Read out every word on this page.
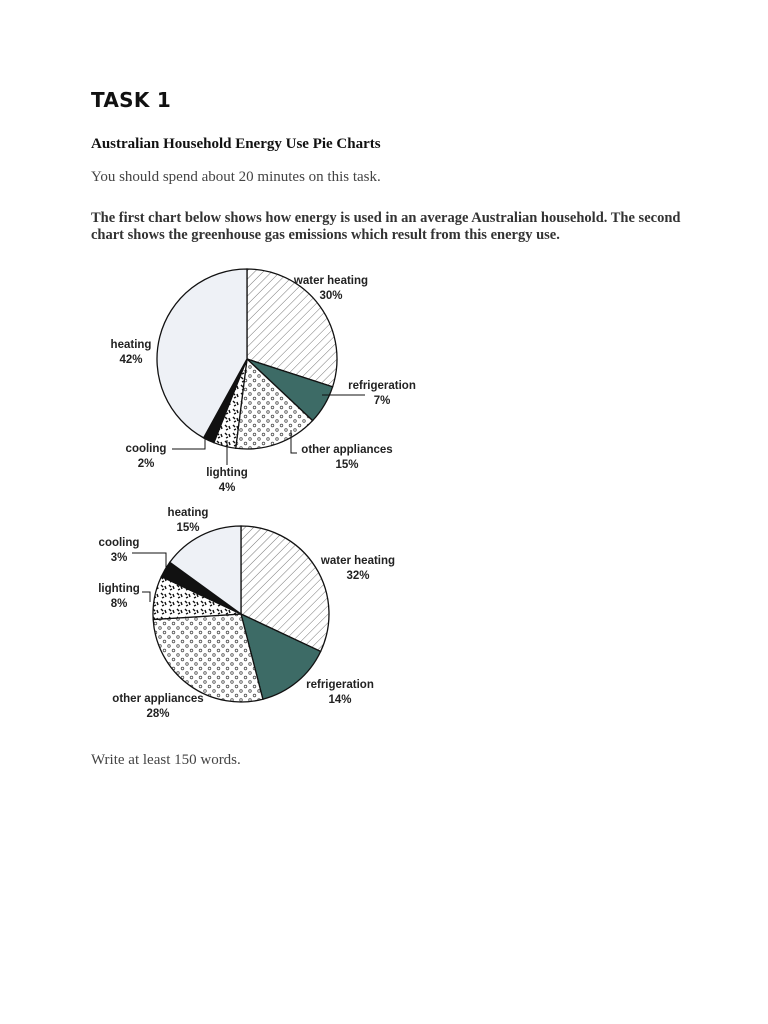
TASK 1
Australian Household Energy Use Pie Charts

You should spend about 20 minutes on this task.

The first chart below shows how energy is used in an average Australian household. The second chart shows the greenhouse gas emissions which result from this energy use.

water heating
30%
refrigeration
7%
other appliances
15%
lighting
4%
cooling
2%
heating
42%
water heating
32%
refrigeration
14%
other appliances
28%
lighting
8%
cooling
3%
heating
15%

Write at least 150 words.
